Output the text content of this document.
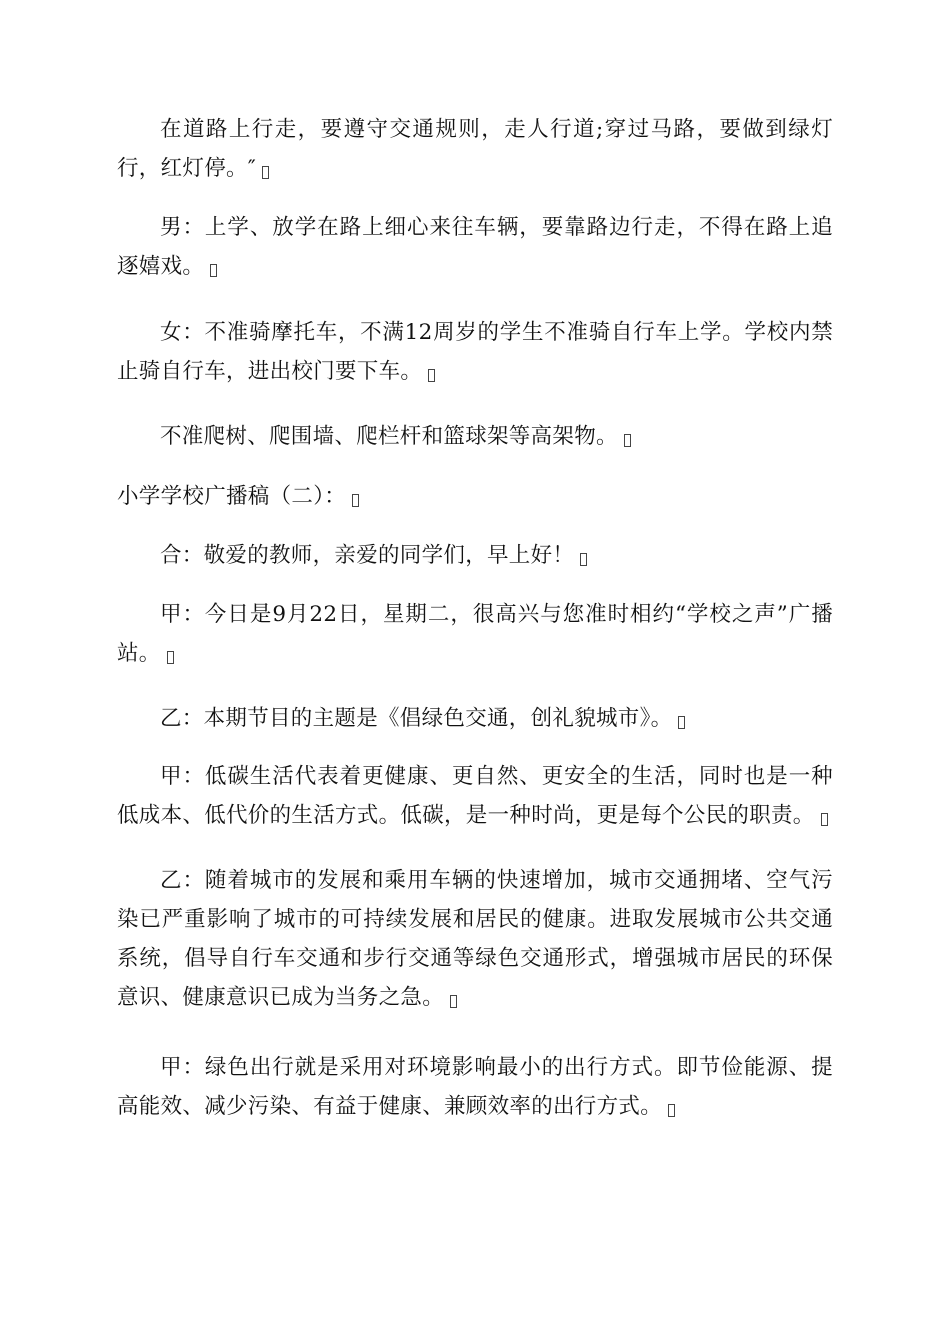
在道路上行走，要遵守交通规则，走人行道;穿过马路，要做到绿灯行，红灯停。″

男：上学、放学在路上细心来往车辆，要靠路边行走，不得在路上追逐嬉戏。

女：不准骑摩托车，不满12周岁的学生不准骑自行车上学。学校内禁止骑自行车，进出校门要下车。

不准爬树、爬围墙、爬栏杆和篮球架等高架物。

小学学校广播稿（二）：

合：敬爱的教师，亲爱的同学们，早上好！

甲：今日是9月22日，星期二，很高兴与您准时相约“学校之声”广播站。

乙：本期节目的主题是《倡绿色交通，创礼貌城市》。

甲：低碳生活代表着更健康、更自然、更安全的生活，同时也是一种低成本、低代价的生活方式。低碳，是一种时尚，更是每个公民的职责。

乙：随着城市的发展和乘用车辆的快速增加，城市交通拥堵、空气污染已严重影响了城市的可持续发展和居民的健康。进取发展城市公共交通系统，倡导自行车交通和步行交通等绿色交通形式，增强城市居民的环保意识、健康意识已成为当务之急。

甲：绿色出行就是采用对环境影响最小的出行方式。即节俭能源、提高能效、减少污染、有益于健康、兼顾效率的出行方式。
